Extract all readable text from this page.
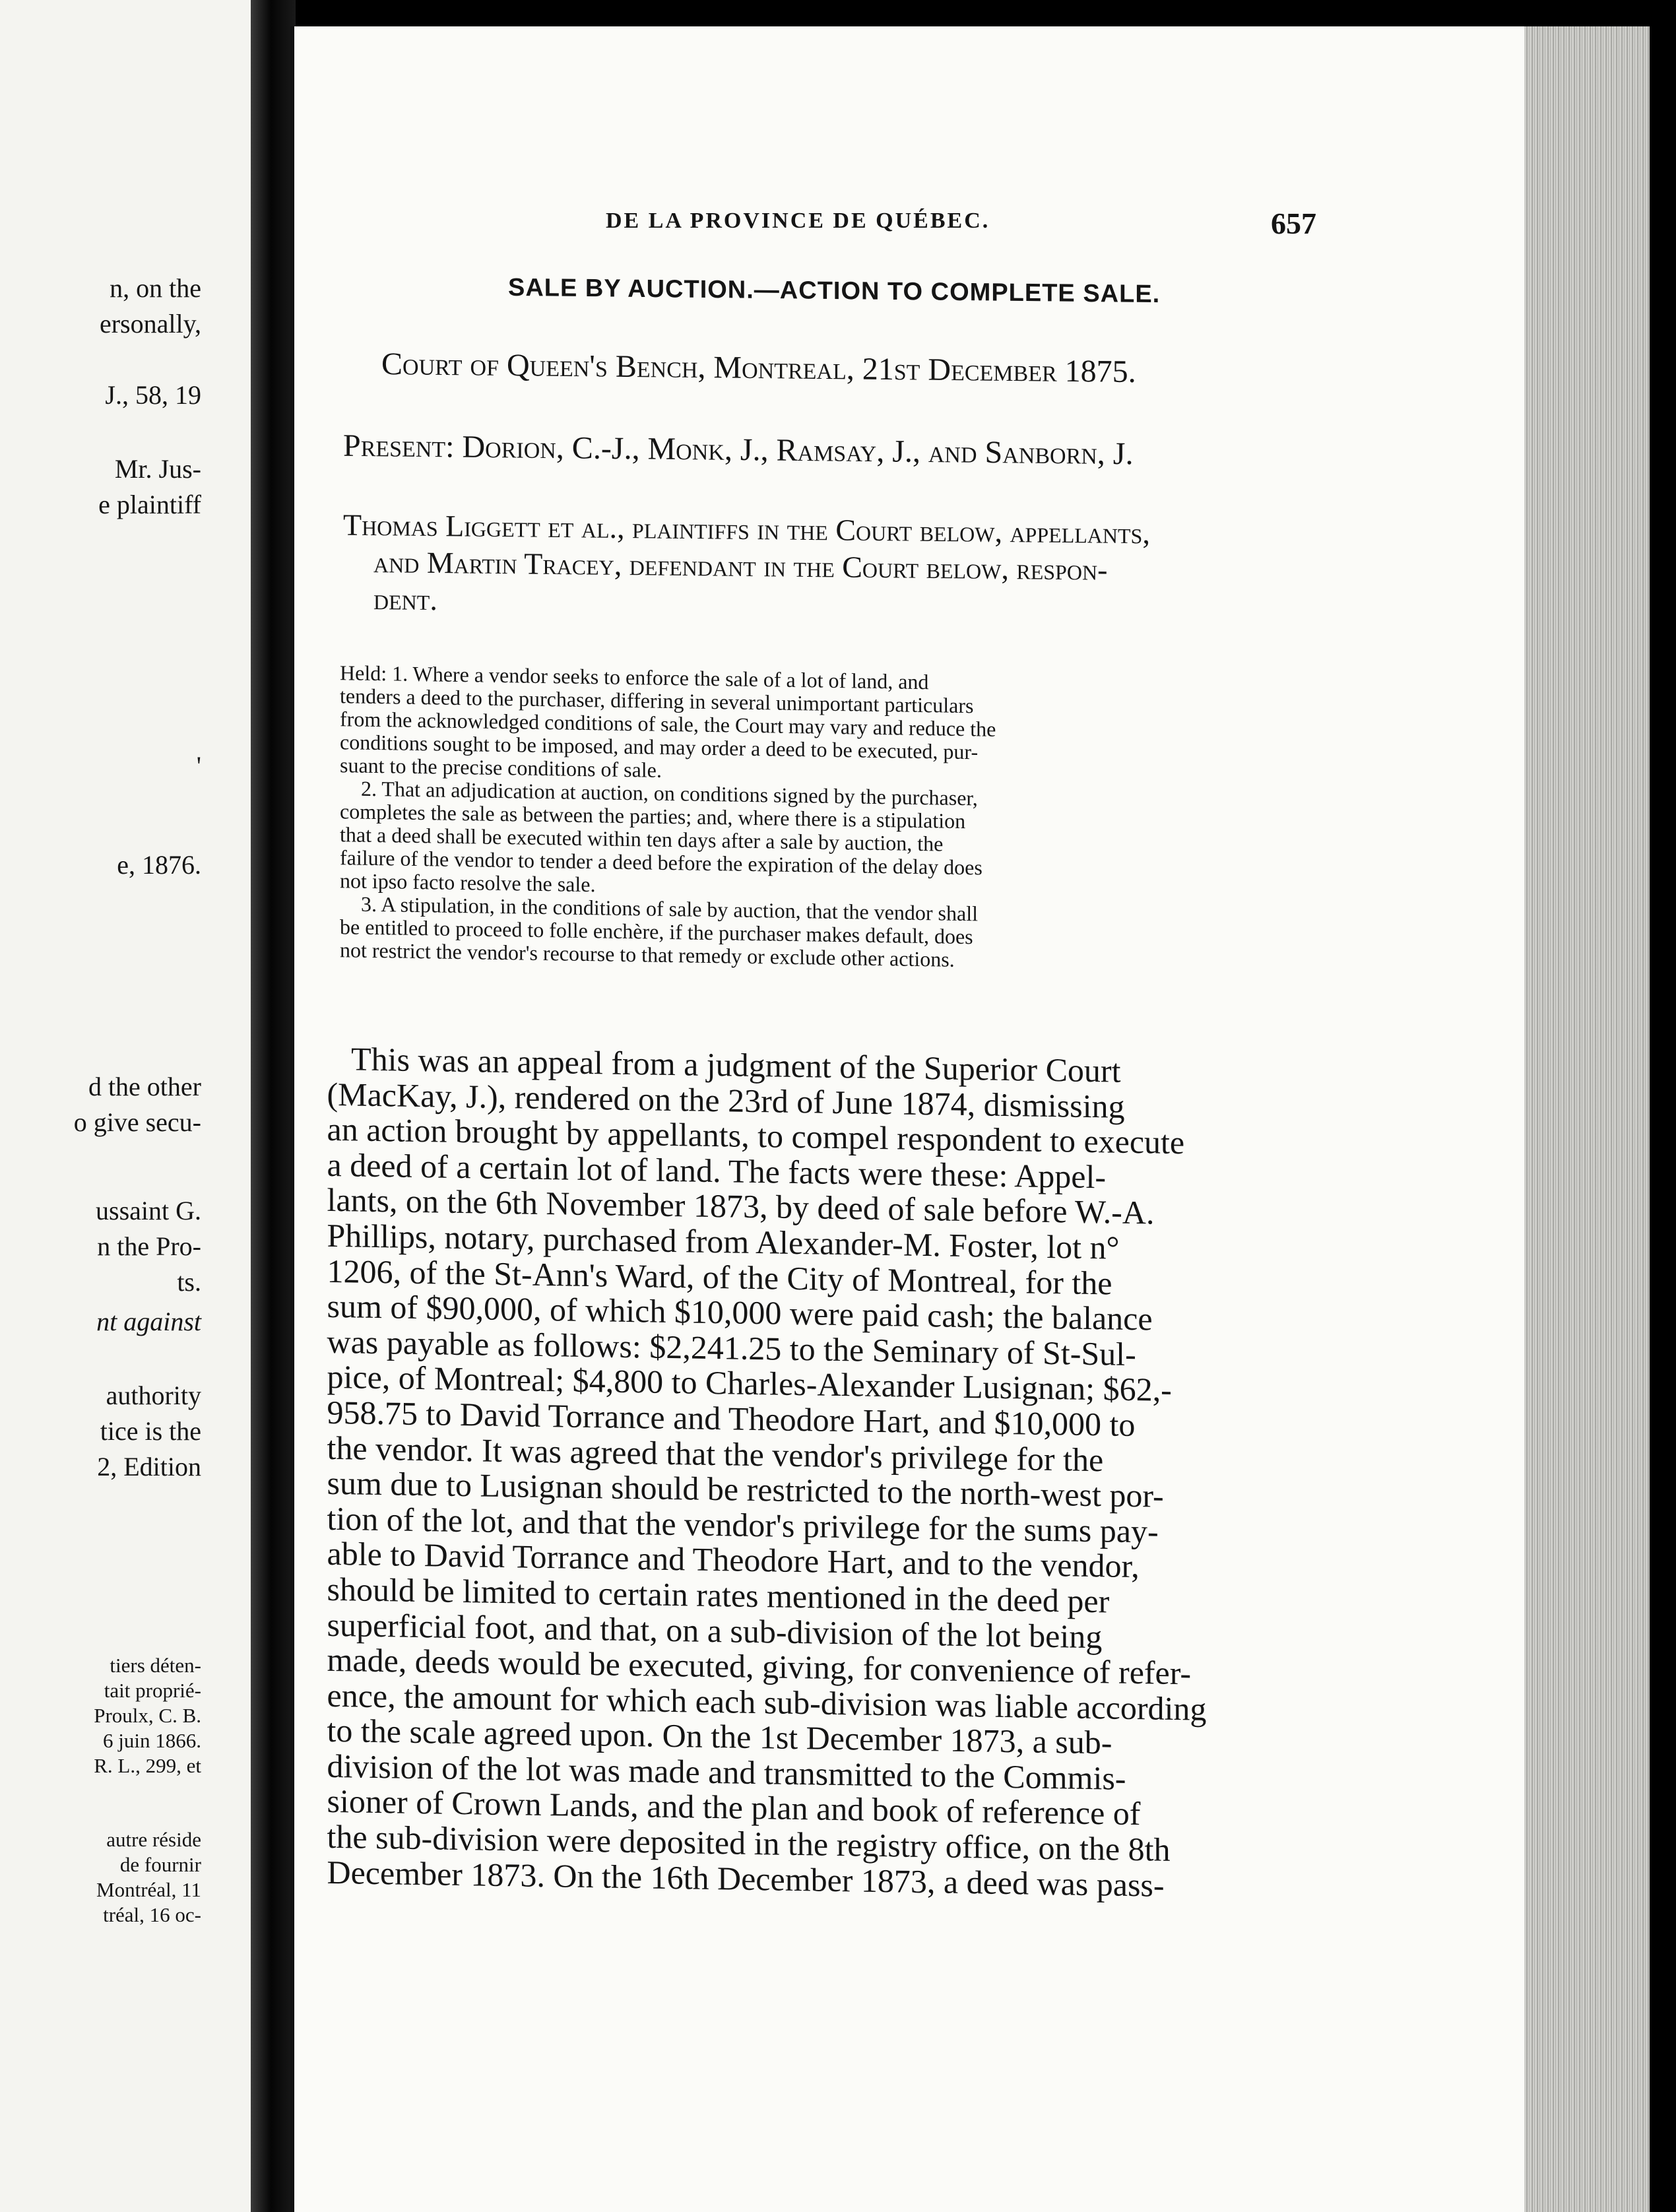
n, on the

ersonally,

J., 58, 19

Mr. Jus-

e plaintiff

'

e, 1876.

d the other

o give secu-

ussaint G.

n the Pro-

ts.

nt against

authority

tice is the

2, Edition

tiers déten-

tait proprié-

Proulx, C. B.

6 juin 1866.

R. L., 299, et

autre réside

de fournir

Montréal, 11

tréal, 16 oc-

DE LA PROVINCE DE QUÉBEC.	657

SALE BY AUCTION.—ACTION TO COMPLETE SALE.

Court of Queen's Bench, Montreal, 21st December 1875.

Present: Dorion, C.-J., Monk, J., Ramsay, J., and Sanborn, J.

Thomas Liggett et al., plaintiffs in the Court below, appellants,
and Martin Tracey, defendant in the Court below, respon-
dent.

Held: 1. Where a vendor seeks to enforce the sale of a lot of land, and
tenders a deed to the purchaser, differing in several unimportant particulars
from the acknowledged conditions of sale, the Court may vary and reduce the
conditions sought to be imposed, and may order a deed to be executed, pur-
suant to the precise conditions of sale.
2. That an adjudication at auction, on conditions signed by the purchaser,
completes the sale as between the parties; and, where there is a stipulation
that a deed shall be executed within ten days after a sale by auction, the
failure of the vendor to tender a deed before the expiration of the delay does
not ipso facto resolve the sale.
3. A stipulation, in the conditions of sale by auction, that the vendor shall
be entitled to proceed to folle enchère, if the purchaser makes default, does
not restrict the vendor's recourse to that remedy or exclude other actions.

This was an appeal from a judgment of the Superior Court
(MacKay, J.), rendered on the 23rd of June 1874, dismissing
an action brought by appellants, to compel respondent to execute
a deed of a certain lot of land. The facts were these: Appel-
lants, on the 6th November 1873, by deed of sale before W.-A.
Phillips, notary, purchased from Alexander-M. Foster, lot n°
1206, of the St-Ann's Ward, of the City of Montreal, for the
sum of $90,000, of which $10,000 were paid cash; the balance
was payable as follows: $2,241.25 to the Seminary of St-Sul-
pice, of Montreal; $4,800 to Charles-Alexander Lusignan; $62,-
958.75 to David Torrance and Theodore Hart, and $10,000 to
the vendor. It was agreed that the vendor's privilege for the
sum due to Lusignan should be restricted to the north-west por-
tion of the lot, and that the vendor's privilege for the sums pay-
able to David Torrance and Theodore Hart, and to the vendor,
should be limited to certain rates mentioned in the deed per
superficial foot, and that, on a sub-division of the lot being
made, deeds would be executed, giving, for convenience of refer-
ence, the amount for which each sub-division was liable according
to the scale agreed upon. On the 1st December 1873, a sub-
division of the lot was made and transmitted to the Commis-
sioner of Crown Lands, and the plan and book of reference of
the sub-division were deposited in the registry office, on the 8th
December 1873. On the 16th December 1873, a deed was pass-
